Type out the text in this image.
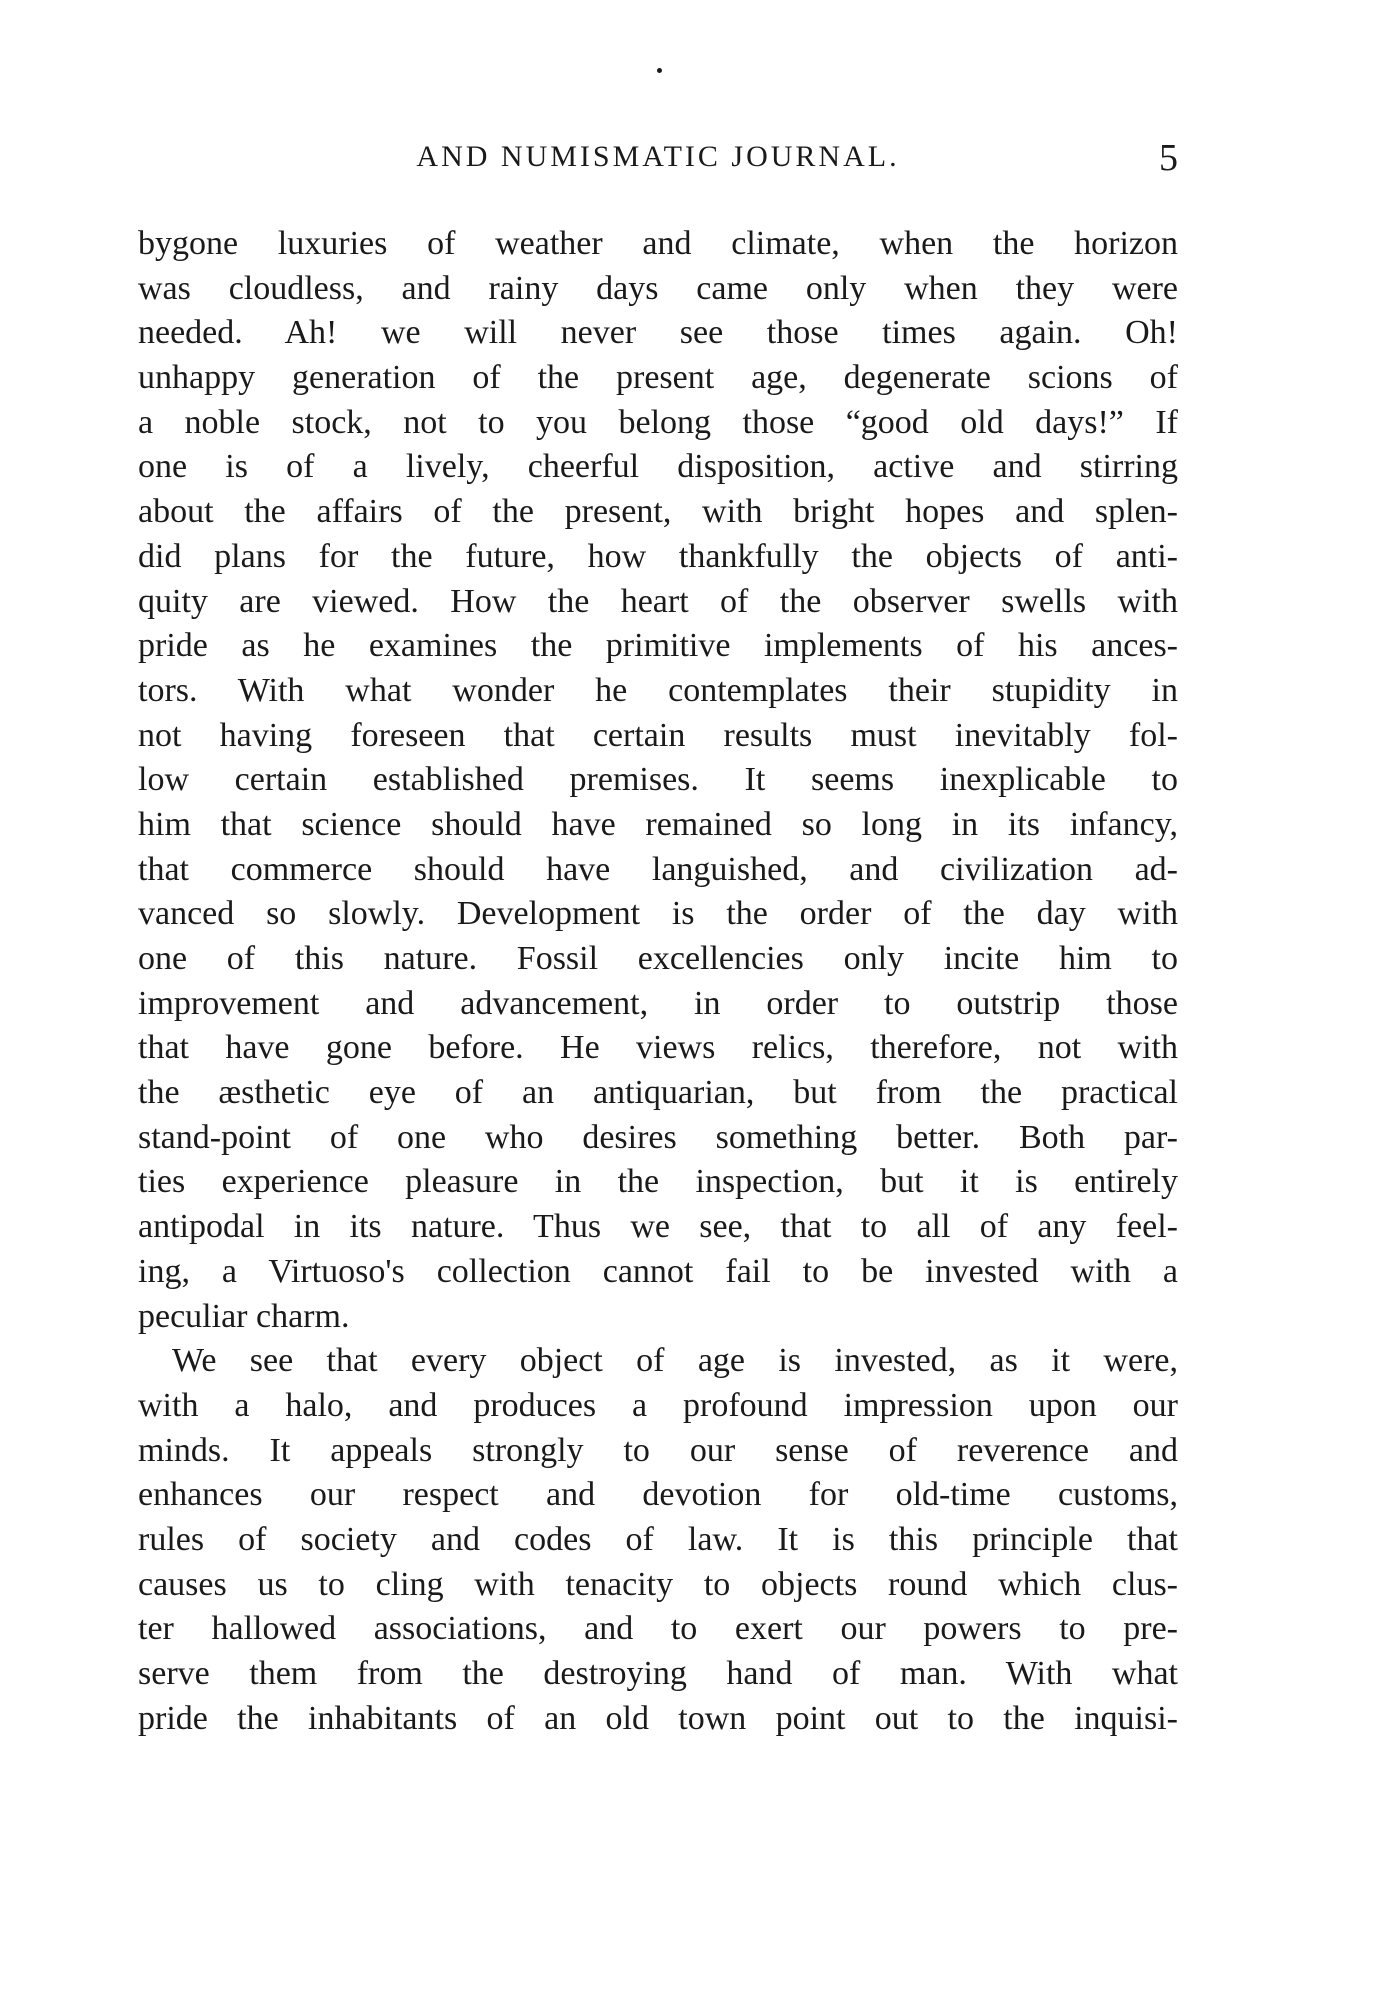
AND NUMISMATIC JOURNAL.	5
bygone luxuries of weather and climate, when the horizon
was cloudless, and rainy days came only when they were
needed. Ah! we will never see those times again. Oh!
unhappy generation of the present age, degenerate scions of
a noble stock, not to you belong those “good old days!” If
one is of a lively, cheerful disposition, active and stirring
about the affairs of the present, with bright hopes and splen-
did plans for the future, how thankfully the objects of anti-
quity are viewed. How the heart of the observer swells with
pride as he examines the primitive implements of his ances-
tors. With what wonder he contemplates their stupidity in
not having foreseen that certain results must inevitably fol-
low certain established premises. It seems inexplicable to
him that science should have remained so long in its infancy,
that commerce should have languished, and civilization ad-
vanced so slowly. Development is the order of the day with
one of this nature. Fossil excellencies only incite him to
improvement and advancement, in order to outstrip those
that have gone before. He views relics, therefore, not with
the æsthetic eye of an antiquarian, but from the practical
stand-point of one who desires something better. Both par-
ties experience pleasure in the inspection, but it is entirely
antipodal in its nature. Thus we see, that to all of any feel-
ing, a Virtuoso's collection cannot fail to be invested with a
peculiar charm.
We see that every object of age is invested, as it were,
with a halo, and produces a profound impression upon our
minds. It appeals strongly to our sense of reverence and
enhances our respect and devotion for old-time customs,
rules of society and codes of law. It is this principle that
causes us to cling with tenacity to objects round which clus-
ter hallowed associations, and to exert our powers to pre-
serve them from the destroying hand of man. With what
pride the inhabitants of an old town point out to the inquisi-
